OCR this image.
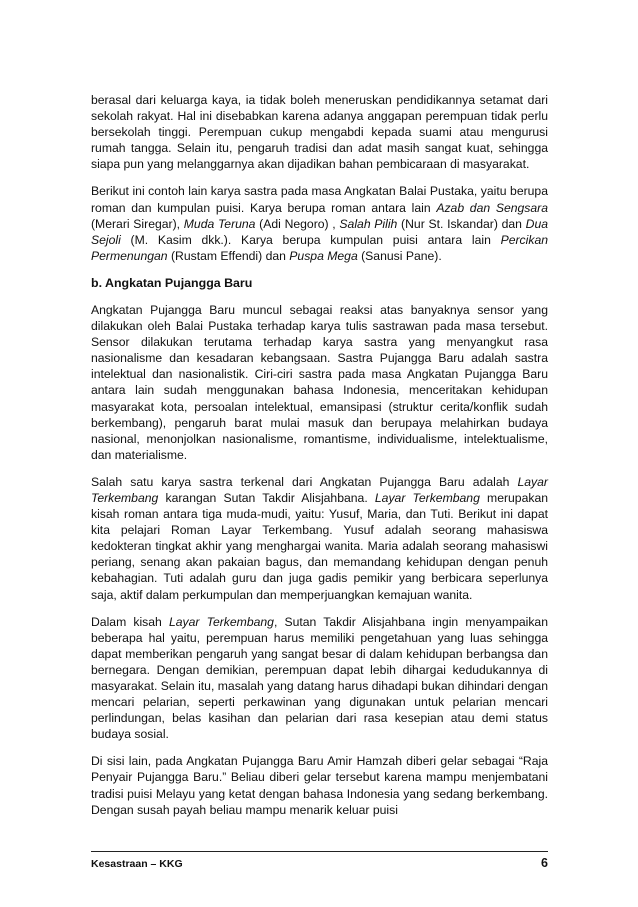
berasal dari keluarga kaya, ia tidak boleh meneruskan pendidikannya setamat dari sekolah rakyat. Hal ini disebabkan karena adanya anggapan perempuan tidak perlu bersekolah tinggi. Perempuan cukup mengabdi kepada suami atau mengurusi rumah tangga. Selain itu, pengaruh tradisi dan adat masih sangat kuat, sehingga siapa pun yang melanggarnya akan dijadikan bahan pembicaraan di masyarakat.

Berikut ini contoh lain karya sastra pada masa Angkatan Balai Pustaka, yaitu berupa roman dan kumpulan puisi. Karya berupa roman antara lain Azab dan Sengsara (Merari Siregar), Muda Teruna (Adi Negoro) , Salah Pilih (Nur St. Iskandar) dan Dua Sejoli (M. Kasim dkk.). Karya berupa kumpulan puisi antara lain Percikan Permenungan (Rustam Effendi) dan Puspa Mega (Sanusi Pane).

b. Angkatan Pujangga Baru

Angkatan Pujangga Baru muncul sebagai reaksi atas banyaknya sensor yang dilakukan oleh Balai Pustaka terhadap karya tulis sastrawan pada masa tersebut. Sensor dilakukan terutama terhadap karya sastra yang menyangkut rasa nasionalisme dan kesadaran kebangsaan. Sastra Pujangga Baru adalah sastra intelektual dan nasionalistik. Ciri-ciri sastra pada masa Angkatan Pujangga Baru antara lain sudah menggunakan bahasa Indonesia, menceritakan kehidupan masyarakat kota, persoalan intelektual, emansipasi (struktur cerita/konflik sudah berkembang), pengaruh barat mulai masuk dan berupaya melahirkan budaya nasional, menonjolkan nasionalisme, romantisme, individualisme, intelektualisme, dan materialisme.

Salah satu karya sastra terkenal dari Angkatan Pujangga Baru adalah Layar Terkembang karangan Sutan Takdir Alisjahbana. Layar Terkembang merupakan kisah roman antara tiga muda-mudi, yaitu: Yusuf, Maria, dan Tuti. Berikut ini dapat kita pelajari Roman Layar Terkembang. Yusuf adalah seorang mahasiswa kedokteran tingkat akhir yang menghargai wanita. Maria adalah seorang mahasiswi periang, senang akan pakaian bagus, dan memandang kehidupan dengan penuh kebahagian. Tuti adalah guru dan juga gadis pemikir yang berbicara seperlunya saja, aktif dalam perkumpulan dan memperjuangkan kemajuan wanita.

Dalam kisah Layar Terkembang, Sutan Takdir Alisjahbana ingin menyampaikan beberapa hal yaitu, perempuan harus memiliki pengetahuan yang luas sehingga dapat memberikan pengaruh yang sangat besar di dalam kehidupan berbangsa dan bernegara. Dengan demikian, perempuan dapat lebih dihargai kedudukannya di masyarakat. Selain itu, masalah yang datang harus dihadapi bukan dihindari dengan mencari pelarian, seperti perkawinan yang digunakan untuk pelarian mencari perlindungan, belas kasihan dan pelarian dari rasa kesepian atau demi status budaya sosial.

Di sisi lain, pada Angkatan Pujangga Baru Amir Hamzah diberi gelar sebagai “Raja Penyair Pujangga Baru.” Beliau diberi gelar tersebut karena mampu menjembatani tradisi puisi Melayu yang ketat dengan bahasa Indonesia yang sedang berkembang. Dengan susah payah beliau mampu menarik keluar puisi

Kesastraan – KKG	6
